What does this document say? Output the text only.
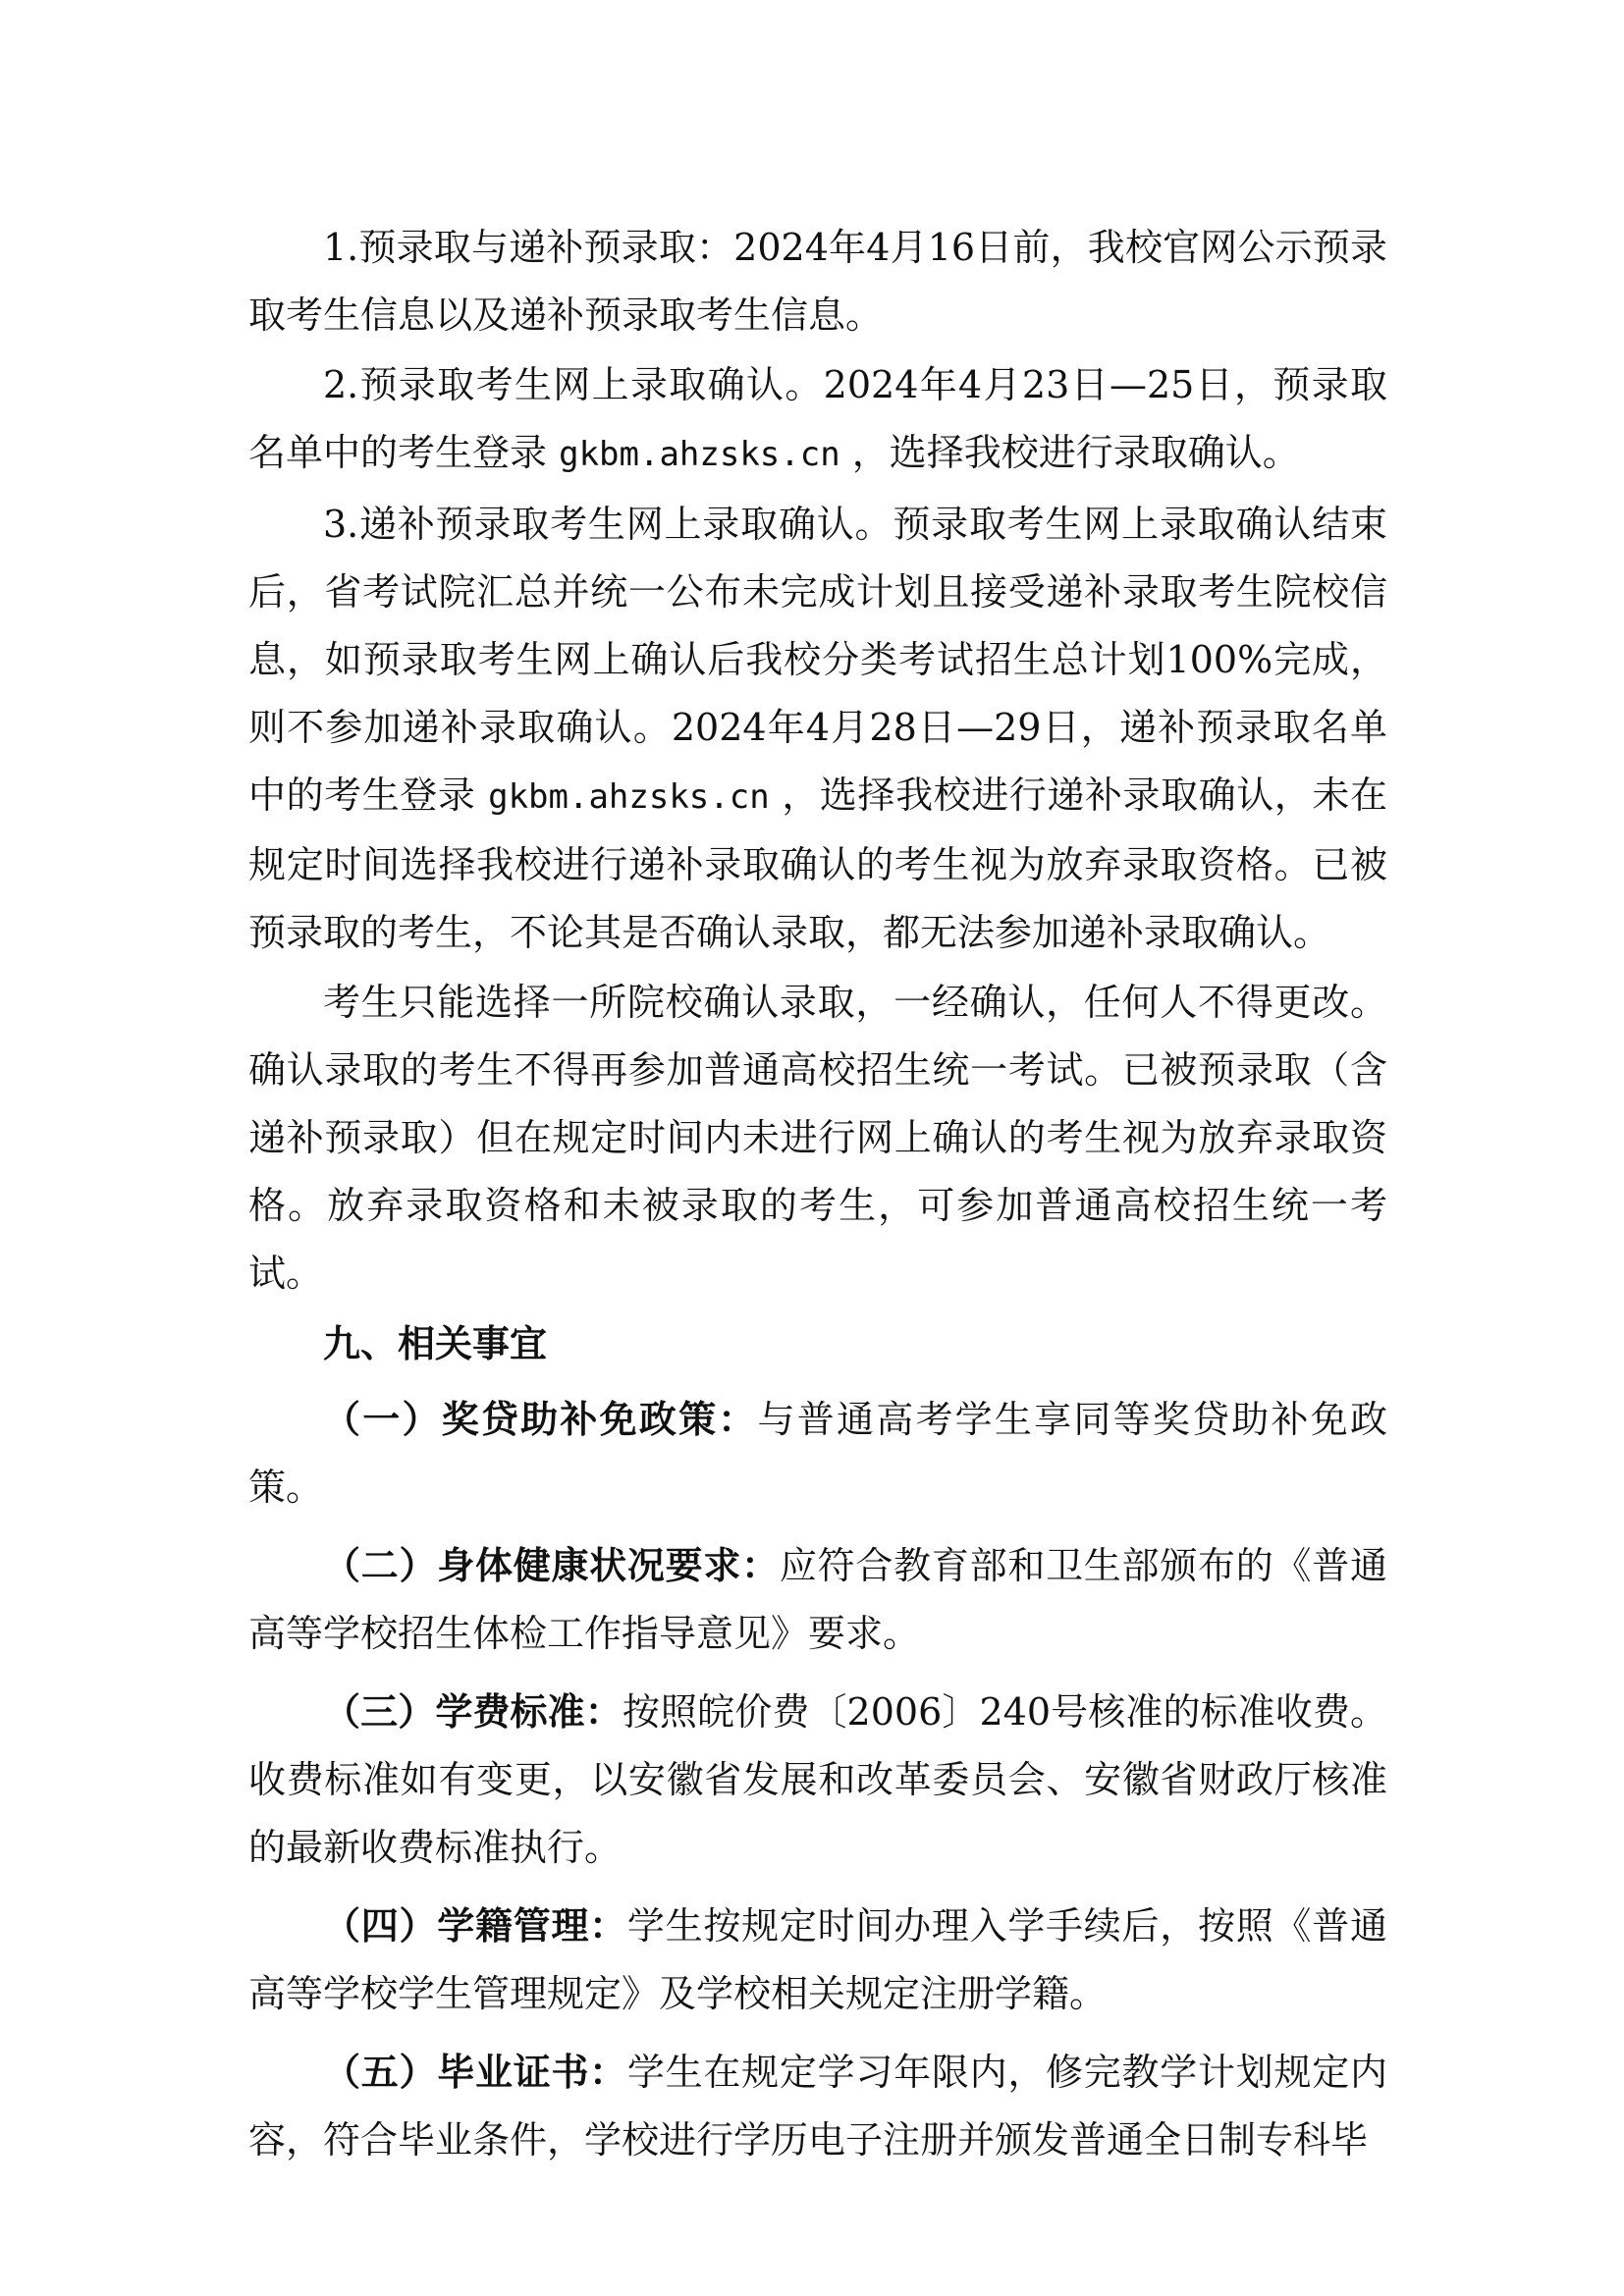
1.预录取与递补预录取：2024年4月16日前，我校官网公示预录取考生信息以及递补预录取考生信息。

2.预录取考生网上录取确认。2024年4月23日—25日，预录取名单中的考生登录 gkbm.ahzsks.cn ，选择我校进行录取确认。

3.递补预录取考生网上录取确认。预录取考生网上录取确认结束后，省考试院汇总并统一公布未完成计划且接受递补录取考生院校信息，如预录取考生网上确认后我校分类考试招生总计划100%完成，则不参加递补录取确认。2024年4月28日—29日，递补预录取名单中的考生登录 gkbm.ahzsks.cn ，选择我校进行递补录取确认，未在规定时间选择我校进行递补录取确认的考生视为放弃录取资格。已被预录取的考生，不论其是否确认录取，都无法参加递补录取确认。

考生只能选择一所院校确认录取，一经确认，任何人不得更改。确认录取的考生不得再参加普通高校招生统一考试。已被预录取（含递补预录取）但在规定时间内未进行网上确认的考生视为放弃录取资格。放弃录取资格和未被录取的考生，可参加普通高校招生统一考试。

九、相关事宜

（一）奖贷助补免政策：与普通高考学生享同等奖贷助补免政策。

（二）身体健康状况要求：应符合教育部和卫生部颁布的《普通高等学校招生体检工作指导意见》要求。

（三）学费标准：按照皖价费〔2006〕240号核准的标准收费。收费标准如有变更，以安徽省发展和改革委员会、安徽省财政厅核准的最新收费标准执行。

（四）学籍管理：学生按规定时间办理入学手续后，按照《普通高等学校学生管理规定》及学校相关规定注册学籍。

（五）毕业证书：学生在规定学习年限内，修完教学计划规定内容，符合毕业条件，学校进行学历电子注册并颁发普通全日制专科毕
